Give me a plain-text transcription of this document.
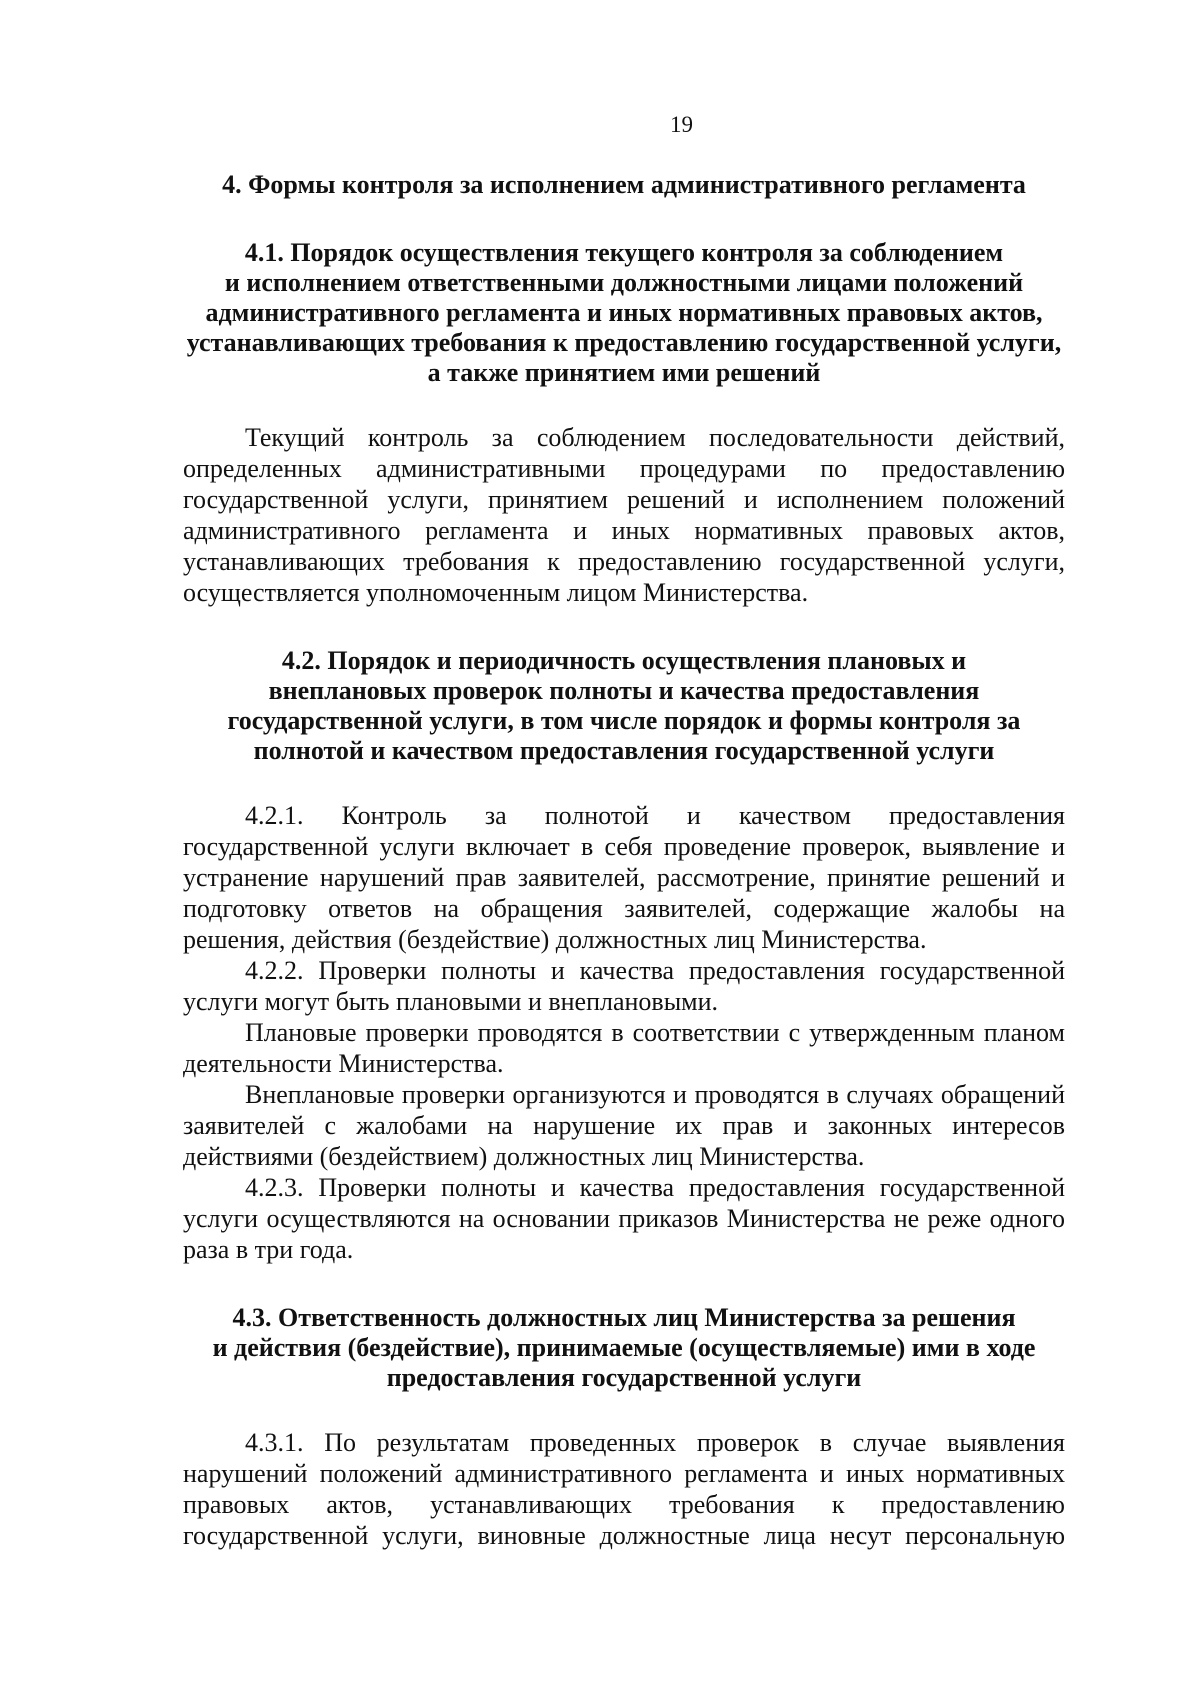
19
4. Формы контроля за исполнением административного регламента
4.1. Порядок осуществления текущего контроля за соблюдением
и исполнением ответственными должностными лицами положений
административного регламента и иных нормативных правовых актов,
устанавливающих требования к предоставлению государственной услуги,
а также принятием ими решений

Текущий контроль за соблюдением последовательности действий, определенных административными процедурами по предоставлению государственной услуги, принятием решений и исполнением положений административного регламента и иных нормативных правовых актов, устанавливающих требования к предоставлению государственной услуги, осуществляется уполномоченным лицом Министерства.

4.2. Порядок и периодичность осуществления плановых и
внеплановых проверок полноты и качества предоставления
государственной услуги, в том числе порядок и формы контроля за
полнотой и качеством предоставления государственной услуги

4.2.1. Контроль за полнотой и качеством предоставления государственной услуги включает в себя проведение проверок, выявление и устранение нарушений прав заявителей, рассмотрение, принятие решений и подготовку ответов на обращения заявителей, содержащие жалобы на решения, действия (бездействие) должностных лиц Министерства.

4.2.2. Проверки полноты и качества предоставления государственной услуги могут быть плановыми и внеплановыми.

Плановые проверки проводятся в соответствии с утвержденным планом деятельности Министерства.

Внеплановые проверки организуются и проводятся в случаях обращений заявителей с жалобами на нарушение их прав и законных интересов действиями (бездействием) должностных лиц Министерства.

4.2.3. Проверки полноты и качества предоставления государственной услуги осуществляются на основании приказов Министерства не реже одного раза в три года.

4.3. Ответственность должностных лиц Министерства за решения
и действия (бездействие), принимаемые (осуществляемые) ими в ходе
предоставления государственной услуги

4.3.1. По результатам проведенных проверок в случае выявления нарушений положений административного регламента и иных нормативных правовых актов, устанавливающих требования к предоставлению государственной услуги, виновные должностные лица несут персональную
